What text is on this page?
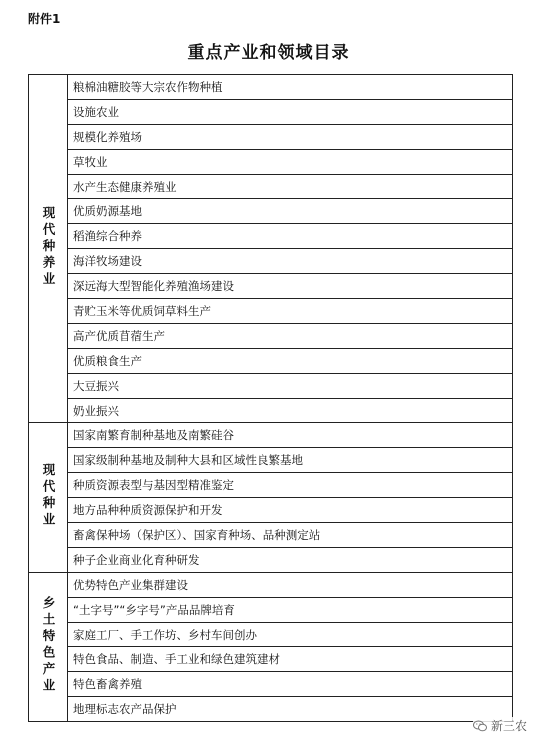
附件1
重点产业和领域目录
现代种养业	粮棉油糖胶等大宗农作物种植
	设施农业
	规模化养殖场
	草牧业
	水产生态健康养殖业
	优质奶源基地
	稻渔综合种养
	海洋牧场建设
	深远海大型智能化养殖渔场建设
	青贮玉米等优质饲草料生产
	高产优质苜蓿生产
	优质粮食生产
	大豆振兴
	奶业振兴
现代种业	国家南繁育制种基地及南繁硅谷
	国家级制种基地及制种大县和区域性良繁基地
	种质资源表型与基因型精准鉴定
	地方品种种质资源保护和开发
	畜禽保种场（保护区）、国家育种场、品种测定站
	种子企业商业化育种研发
乡土特色产业	优势特色产业集群建设
	“土字号”“乡字号”产品品牌培育
	家庭工厂、手工作坊、乡村车间创办
	特色食品、制造、手工业和绿色建筑建材
	特色畜禽养殖
	地理标志农产品保护
新三农
